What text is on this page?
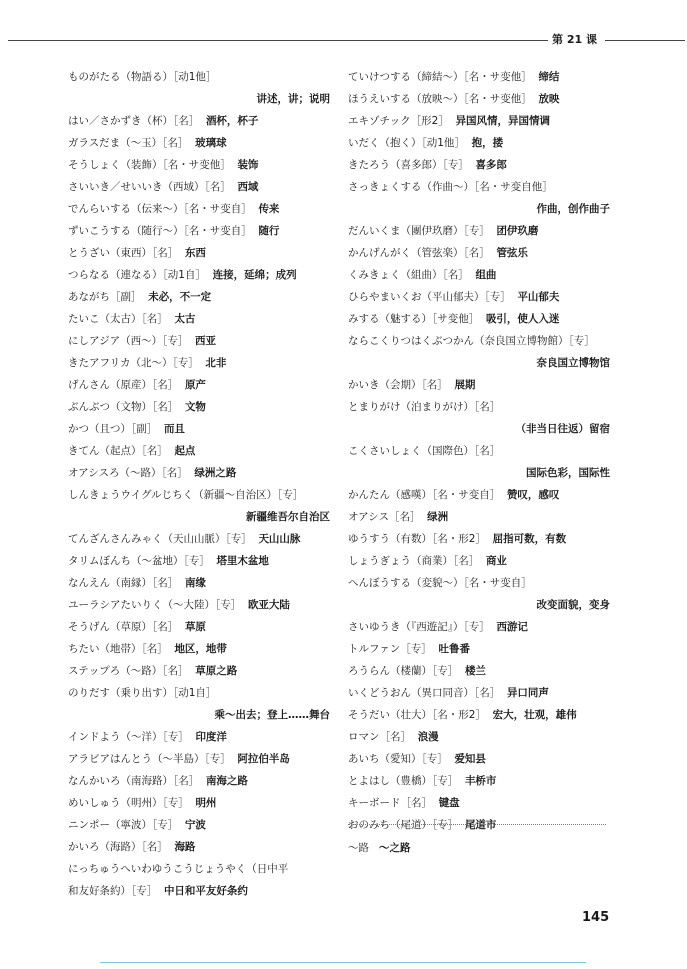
第 21 课
ものがたる（物語る）［动1他］
讲述，讲；说明
はい／さかずき（杯）［名］ 酒杯，杯子
ガラスだま（〜玉）［名］ 玻璃球
そうしょく（装飾）［名・サ变他］ 装饰
さいいき／せいいき（西域）［名］ 西域
でんらいする（伝来〜）［名・サ变自］ 传来
ずいこうする（随行〜）［名・サ变自］ 随行
とうざい（東西）［名］ 东西
つらなる（連なる）［动1自］ 连接，延绵；成列
あながち［副］ 未必，不一定
たいこ（太古）［名］ 太古
にしアジア（西〜）［专］ 西亚
きたアフリカ（北〜）［专］ 北非
げんさん（原産）［名］ 原产
ぶんぶつ（文物）［名］ 文物
かつ（且つ）［副］ 而且
きてん（起点）［名］ 起点
オアシスろ（〜路）［名］ 绿洲之路
しんきょうウイグルじちく（新疆〜自治区）［专］
新疆维吾尔自治区
てんざんさんみゃく（天山山脈）［专］ 天山山脉
タリムぼんち（〜盆地）［专］ 塔里木盆地
なんえん（南縁）［名］ 南缘
ユーラシアたいりく（〜大陸）［专］ 欧亚大陆
そうげん（草原）［名］ 草原
ちたい（地帯）［名］ 地区，地带
ステップろ（〜路）［名］ 草原之路
のりだす（乗り出す）［动1自］
乘〜出去；登上……舞台
インドよう（〜洋）［专］ 印度洋
アラビアはんとう（〜半島）［专］ 阿拉伯半岛
なんかいろ（南海路）［名］ 南海之路
めいしゅう（明州）［专］ 明州
ニンポー（寧波）［专］ 宁波
かいろ（海路）［名］ 海路
にっちゅうへいわゆうこうじょうやく（日中平
和友好条約）［专］ 中日和平友好条约
ていけつする（締結〜）［名・サ变他］ 缔结
ほうえいする（放映〜）［名・サ变他］ 放映
エキゾチック［形2］ 异国风情，异国情调
いだく（抱く）［动1他］ 抱，搂
きたろう（喜多郎）［专］ 喜多郎
さっきょくする（作曲〜）［名・サ变自他］
作曲，创作曲子
だんいくま（團伊玖磨）［专］ 团伊玖磨
かんげんがく（管弦楽）［名］ 管弦乐
くみきょく（組曲）［名］ 组曲
ひらやまいくお（平山郁夫）［专］ 平山郁夫
みする（魅する）［サ变他］ 吸引，使人入迷
ならこくりつはくぶつかん（奈良国立博物館）［专］
奈良国立博物馆
かいき（会期）［名］ 展期
とまりがけ（泊まりがけ）［名］
（非当日往返）留宿
こくさいしょく（国際色）［名］
国际色彩，国际性
かんたん（感嘆）［名・サ变自］ 赞叹，感叹
オアシス［名］ 绿洲
ゆうすう（有数）［名・形2］ 屈指可数，有数
しょうぎょう（商業）［名］ 商业
へんぼうする（変貌〜）［名・サ变自］
改变面貌，变身
さいゆうき（『西遊記』）［专］ 西游记
トルファン［专］ 吐鲁番
ろうらん（楼蘭）［专］ 楼兰
いくどうおん（異口同音）［名］ 异口同声
そうだい（壮大）［名・形2］ 宏大，壮观，雄伟
ロマン［名］ 浪漫
あいち（愛知）［专］ 爱知县
とよはし（豊橋）［专］ 丰桥市
キーボード［名］ 键盘
おのみち（尾道）［专］ 尾道市
〜路 〜之路
145
